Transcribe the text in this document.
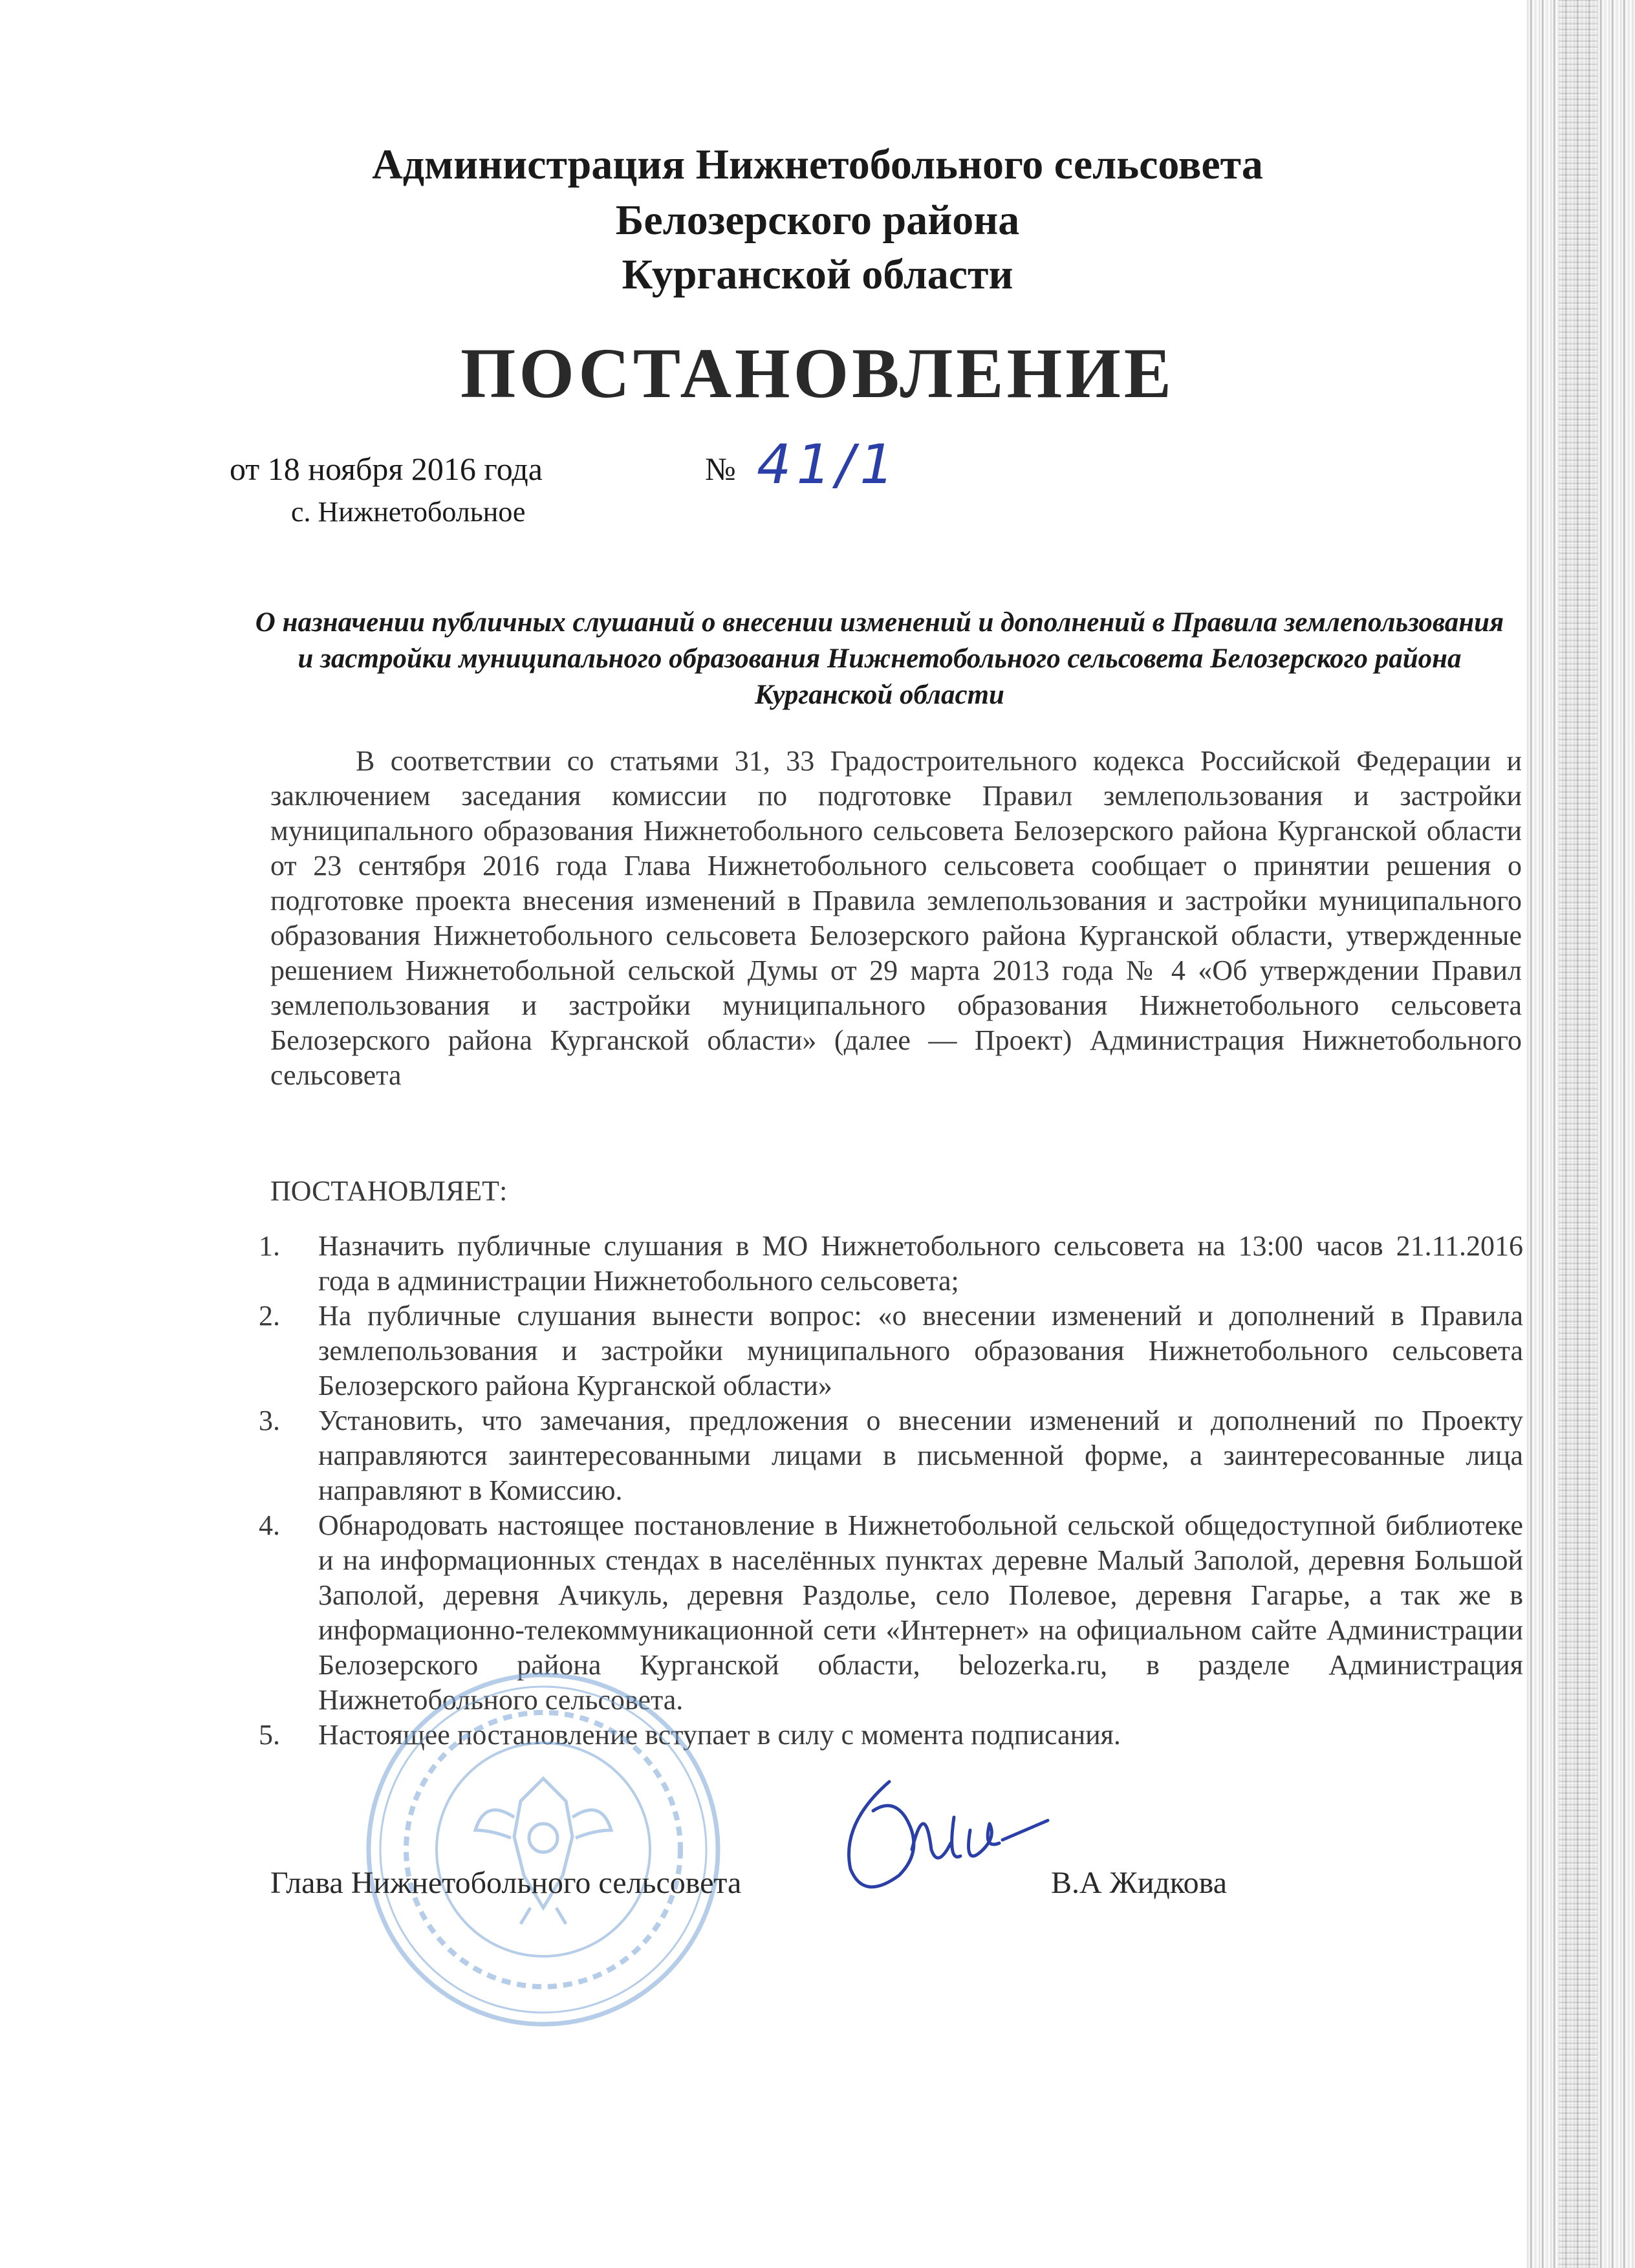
Администрация Нижнетобольного сельсовета
Белозерского района
Курганской области
ПОСТАНОВЛЕНИЕ
от 18 ноября 2016 года	№ 41/1
с. Нижнетобольное
О назначении публичных слушаний о внесении изменений и дополнений в Правила землепользования и застройки муниципального образования Нижнетобольного сельсовета Белозерского района Курганской области
В соответствии со статьями 31, 33 Градостроительного кодекса Российской Федерации и заключением заседания комиссии по подготовке Правил землепользования и застройки муниципального образования Нижнетобольного сельсовета Белозерского района Курганской области от 23 сентября 2016 года Глава Нижнетобольного сельсовета сообщает о принятии решения о подготовке проекта внесения изменений в Правила землепользования и застройки муниципального образования Нижнетобольного сельсовета Белозерского района Курганской области, утвержденные решением Нижнетобольной сельской Думы от 29 марта 2013 года № 4 «Об утверждении Правил землепользования и застройки муниципального образования Нижнетобольного сельсовета Белозерского района Курганской области» (далее — Проект) Администрация Нижнетобольного сельсовета
ПОСТАНОВЛЯЕТ:
1.	Назначить публичные слушания в МО Нижнетобольного сельсовета на 13:00 часов 21.11.2016 года в администрации Нижнетобольного сельсовета;
2.	На публичные слушания вынести вопрос: «о внесении изменений и дополнений в Правила землепользования и застройки муниципального образования Нижнетобольного сельсовета Белозерского района Курганской области»
3.	Установить, что замечания, предложения о внесении изменений и дополнений по Проекту направляются заинтересованными лицами в письменной форме, а заинтересованные лица направляют в Комиссию.
4.	Обнародовать настоящее постановление в Нижнетобольной сельской общедоступной библиотеке и на информационных стендах в населённых пунктах деревне Малый Заполой, деревня Большой Заполой, деревня Ачикуль, деревня Раздолье, село Полевое, деревня Гагарье, а так же в информационно-телекоммуникационной сети «Интернет» на официальном сайте Администрации Белозерского района Курганской области, belozerka.ru, в разделе Администрация Нижнетобольного сельсовета.
5.	Настоящее постановление вступает в силу с момента подписания.
Глава Нижнетобольного сельсовета	В.А Жидкова
